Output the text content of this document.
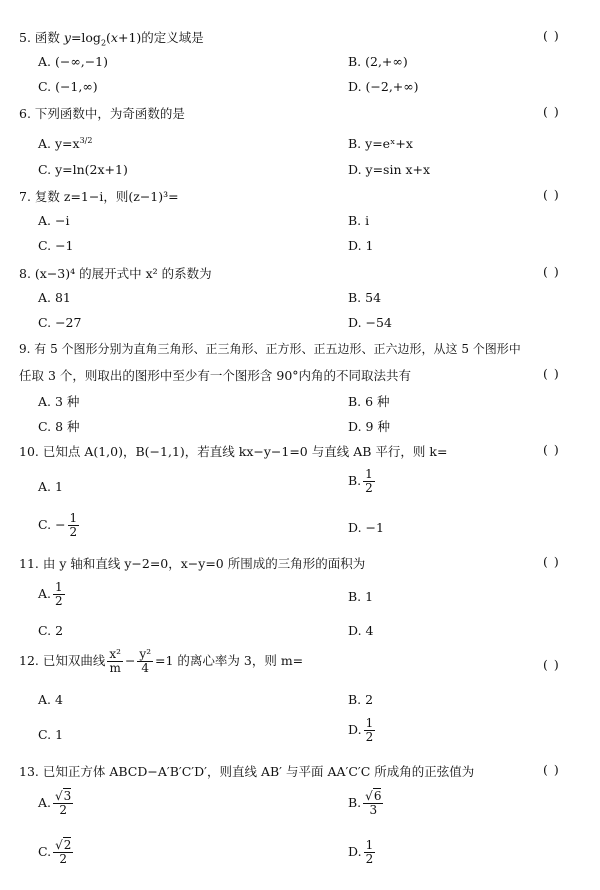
5. 函数 $y=\log_2(x+1)$的定义域是	( )
A. (−∞,−1)	B. (2,+∞)
C. (−1,∞)	D. (−2,+∞)
6. 下列函数中，为奇函数的是	( )
A. $y=x^{3/2}$	B. y=eˣ+x
C. y=ln(2x+1)	D. y=sin x+x
7. 复数 z=1−i，则(z−1)³=	( )
A. −i	B. i
C. −1	D. 1
8. (x−3)⁴ 的展开式中 x² 的系数为	( )
A. 81	B. 54
C. −27	D. −54
9. 有 5 个图形分别为直角三角形、正三角形、正方形、正五边形、正六边形，从这 5 个图形中
任取 3 个，则取出的图形中至少有一个图形含 90°内角的不同取法共有	( )
A. 3 种	B. 6 种
C. 8 种	D. 9 种
10. 已知点 A(1,0)，B(−1,1)，若直线 kx−y−1=0 与直线 AB 平行，则 k=	( )
A. 1	B. $\frac{1}{2}$
C. − $\frac{1}{2}$	D. −1
11. 由 y 轴和直线 y−2=0，x−y=0 所围成的三角形的面积为	( )
A. $\frac{1}{2}$	B. 1
C. 2	D. 4
12. 已知双曲线 $\frac{\text{x²}}{m} - \frac{\text{y²}}{4} =1$ 的离心率为 3，则 m=	( )
A. 4	B. 2
C. 1	D. $\frac{1}{2}$
13. 已知正方体 ABCD−A′B′C′D′，则直线 AB′ 与平面 AA′C′C 所成角的正弦值为	( )
A. $\frac{√3}{2}$	B. $\frac{√6}{3}$
C. $\frac{√2}{2}$	D. $\frac{1}{2}$
